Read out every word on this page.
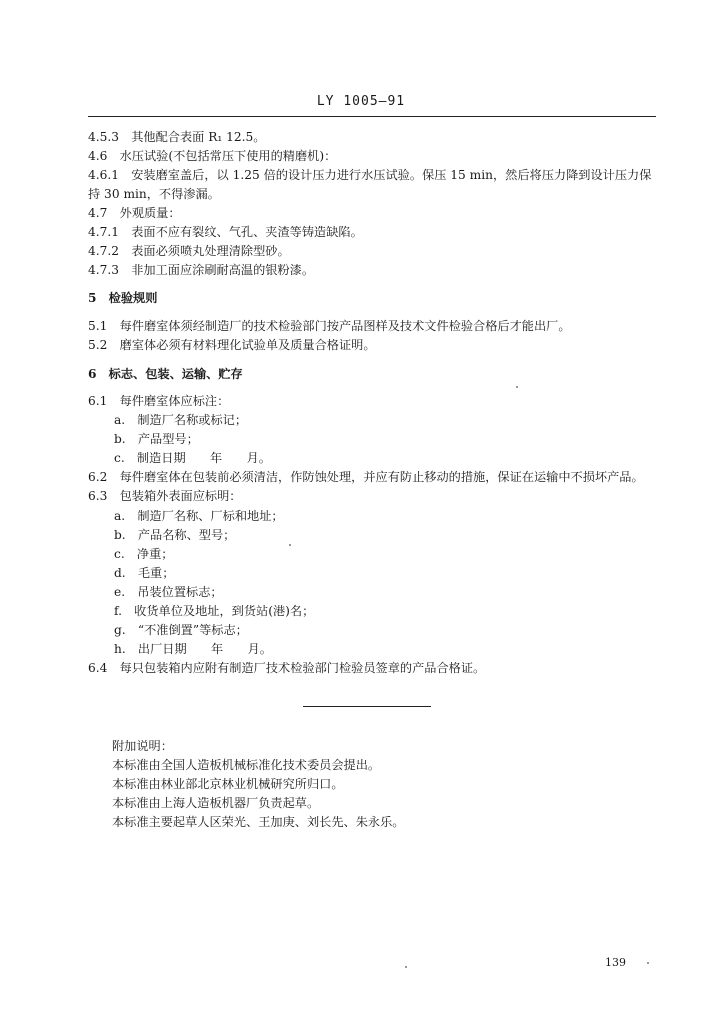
LY 1005—91
4.5.3　 其他配合表面 R₁ 12.5。
4.6　 水压试验(不包括常压下使用的精磨机)：
4.6.1　 安装磨室盖后，以 1.25 倍的设计压力进行水压试验。保压 15 min，然后将压力降到设计压力保
持 30 min，不得渗漏。
4.7　 外观质量：
4.7.1　 表面不应有裂纹、气孔、夹渣等铸造缺陷。
4.7.2　 表面必须喷丸处理清除型砂。
4.7.3　 非加工面应涂刷耐高温的银粉漆。
5　 检验规则
5.1　 每件磨室体须经制造厂的技术检验部门按产品图样及技术文件检验合格后才能出厂。
5.2　 磨室体必须有材料理化试验单及质量合格证明。
6　 标志、包装、运输、贮存
6.1　 每件磨室体应标注：
a.　 制造厂名称或标记；
b.　 产品型号；
c.　 制造日期　　年　　月。
6.2　 每件磨室体在包装前必须清洁，作防蚀处理，并应有防止移动的措施，保证在运输中不损坏产品。
6.3　 包装箱外表面应标明：
a.　 制造厂名称、厂标和地址；
b.　 产品名称、型号；
c.　 净重；
d.　 毛重；
e.　 吊装位置标志；
f.　 收货单位及地址，到货站(港)名；
g.　 “不准倒置”等标志；
h.　 出厂日期　　年　　月。
6.4　 每只包装箱内应附有制造厂技术检验部门检验员签章的产品合格证。
附加说明：
本标准由全国人造板机械标准化技术委员会提出。
本标准由林业部北京林业机械研究所归口。
本标准由上海人造板机器厂负责起草。
本标准主要起草人区荣光、王加庚、刘长先、朱永乐。
139
